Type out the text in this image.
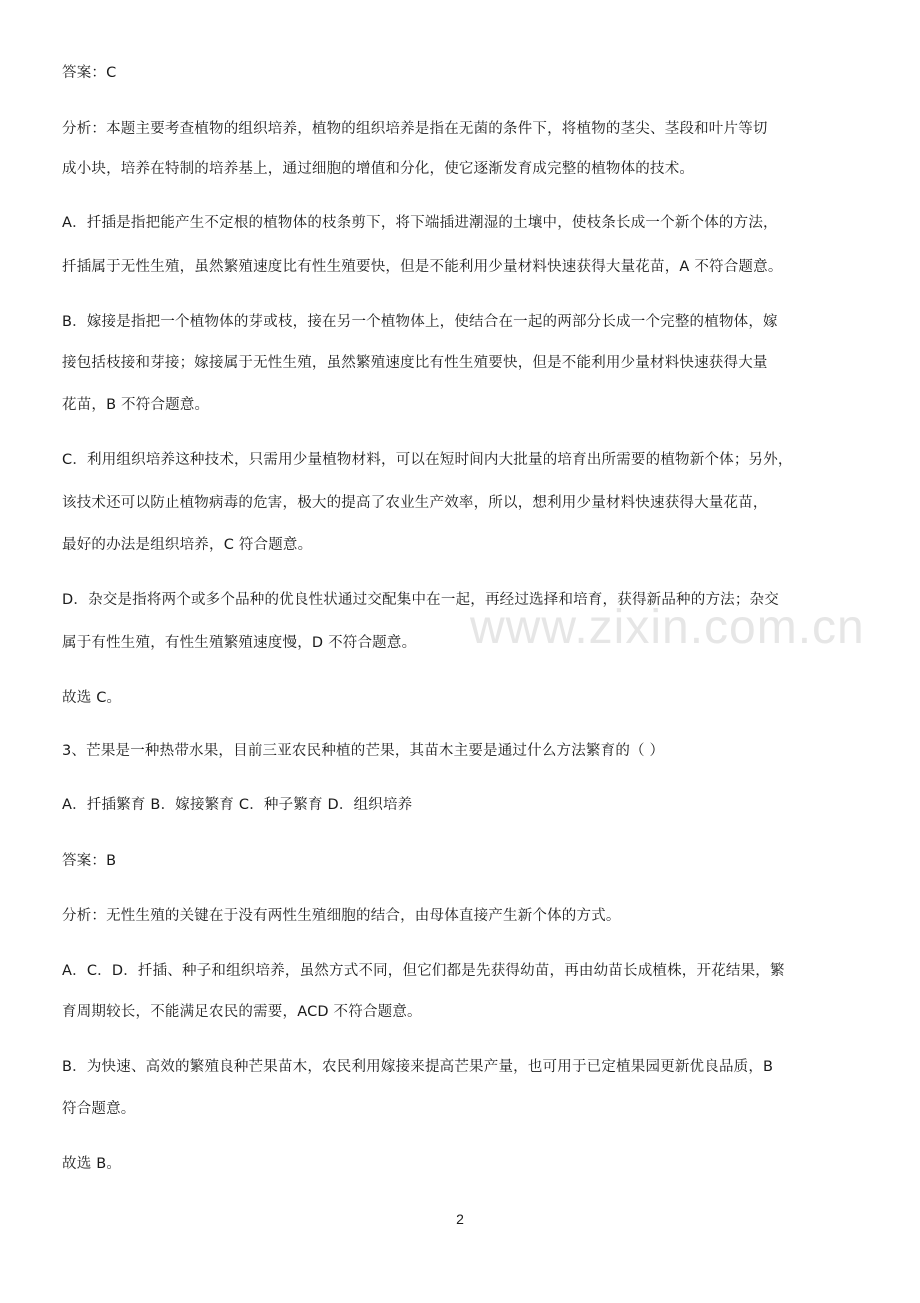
www.zixin.com.cn
答案：C
分析：本题主要考查植物的组织培养，植物的组织培养是指在无菌的条件下，将植物的茎尖、茎段和叶片等切
成小块，培养在特制的培养基上，通过细胞的增值和分化，使它逐渐发育成完整的植物体的技术。
A．扦插是指把能产生不定根的植物体的枝条剪下，将下端插进潮湿的土壤中，使枝条长成一个新个体的方法，
扦插属于无性生殖，虽然繁殖速度比有性生殖要快，但是不能利用少量材料快速获得大量花苗，A 不符合题意。
B．嫁接是指把一个植物体的芽或枝，接在另一个植物体上，使结合在一起的两部分长成一个完整的植物体，嫁
接包括枝接和芽接；嫁接属于无性生殖，虽然繁殖速度比有性生殖要快，但是不能利用少量材料快速获得大量
花苗，B 不符合题意。
C．利用组织培养这种技术，只需用少量植物材料，可以在短时间内大批量的培育出所需要的植物新个体；另外，
该技术还可以防止植物病毒的危害，极大的提高了农业生产效率，所以，想利用少量材料快速获得大量花苗，
最好的办法是组织培养，C 符合题意。
D．杂交是指将两个或多个品种的优良性状通过交配集中在一起，再经过选择和培育，获得新品种的方法；杂交
属于有性生殖，有性生殖繁殖速度慢，D 不符合题意。
故选 C。
3、芒果是一种热带水果，目前三亚农民种植的芒果，其苗木主要是通过什么方法繁育的（ ）
A．扦插繁育 B．嫁接繁育 C．种子繁育 D．组织培养
答案：B
分析：无性生殖的关键在于没有两性生殖细胞的结合，由母体直接产生新个体的方式。
A．C．D．扦插、种子和组织培养，虽然方式不同，但它们都是先获得幼苗，再由幼苗长成植株，开花结果，繁
育周期较长，不能满足农民的需要，ACD 不符合题意。
B．为快速、高效的繁殖良种芒果苗木，农民利用嫁接来提高芒果产量，也可用于已定植果园更新优良品质，B
符合题意。
故选 B。
2
